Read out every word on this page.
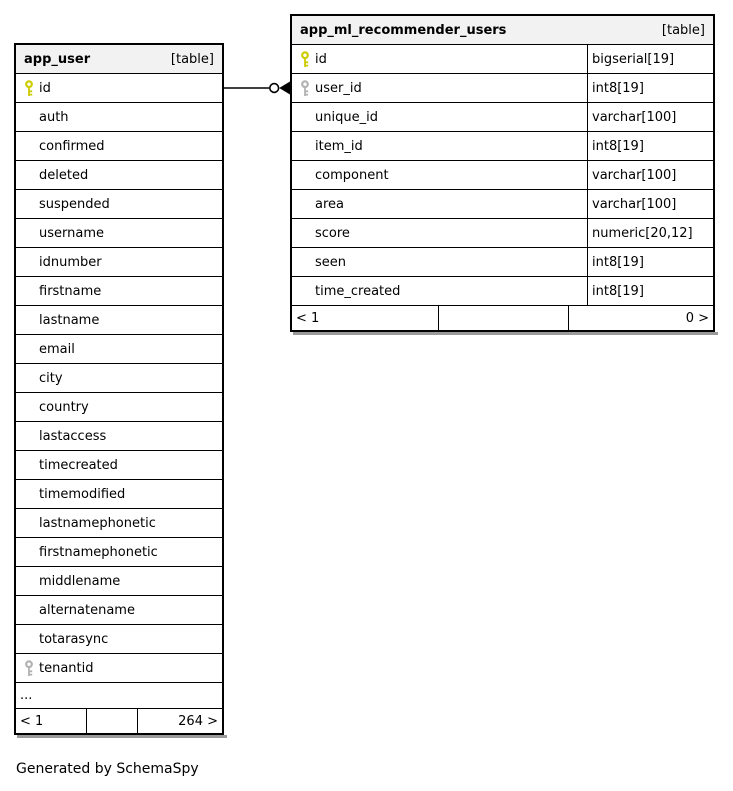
app_user	[table]
id
auth
confirmed
deleted
suspended
username
idnumber
firstname
lastname
email
city
country
lastaccess
timecreated
timemodified
lastnamephonetic
firstnamephonetic
middlename
alternatename
totarasync
tenantid
...
< 1	264 >
app_ml_recommender_users	[table]
id	bigserial[19]
user_id	int8[19]
unique_id	varchar[100]
item_id	int8[19]
component	varchar[100]
area	varchar[100]
score	numeric[20,12]
seen	int8[19]
time_created	int8[19]
< 1	0 >
Generated by SchemaSpy
